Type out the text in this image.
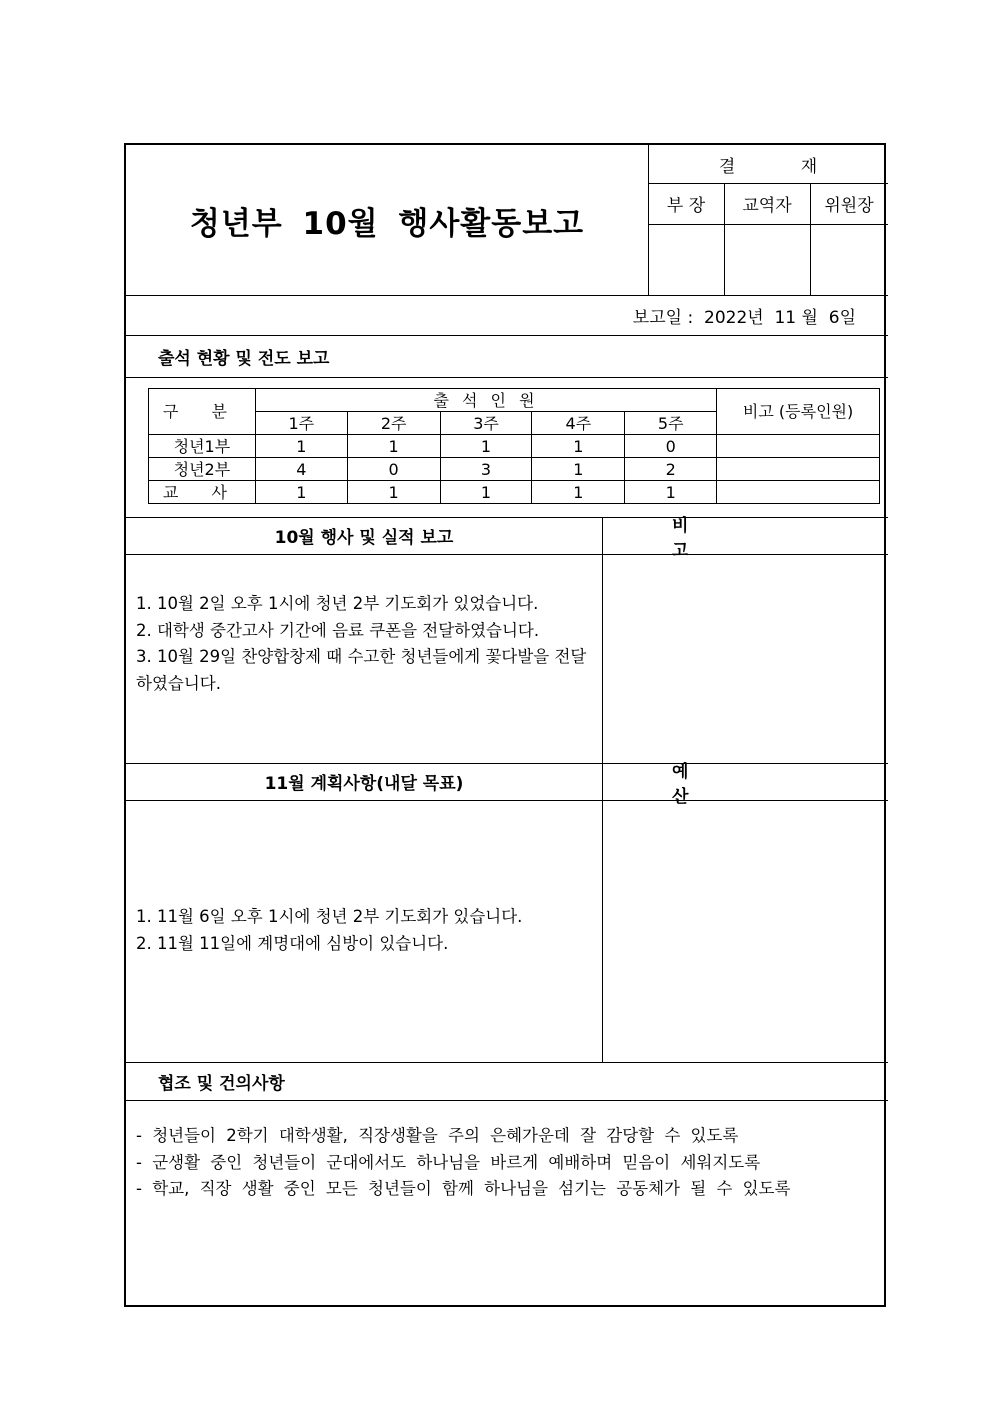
청년부 10월 행사활동보고
결 재
부 장	교역자	위원장
보고일 :  2022년  11 월  6일
출석 현황 및 전도 보고
구 분	출 석 인 원					비고 (등록인원)
	1주	2주	3주	4주	5주	
청년1부	1	1	1	1	0	
청년2부	4	0	3	1	2	
교 사	1	1	1	1	1	
10월 행사 및 실적 보고
비 고
1. 10월 2일 오후 1시에 청년 2부 기도회가 있었습니다.
2. 대학생 중간고사 기간에 음료 쿠폰을 전달하였습니다.
3. 10월 29일 찬양합창제 때 수고한 청년들에게 꽃다발을 전달
하였습니다.
11월 계획사항(내달 목표)
예 산
1. 11월 6일 오후 1시에 청년 2부 기도회가 있습니다.
2. 11월 11일에 계명대에 심방이 있습니다.
협조 및 건의사항
- 청년들이 2학기 대학생활, 직장생활을 주의 은혜가운데 잘 감당할 수 있도록
- 군생활 중인 청년들이 군대에서도 하나님을 바르게 예배하며 믿음이 세워지도록
- 학교, 직장 생활 중인 모든 청년들이 함께 하나님을 섬기는 공동체가 될 수 있도록
